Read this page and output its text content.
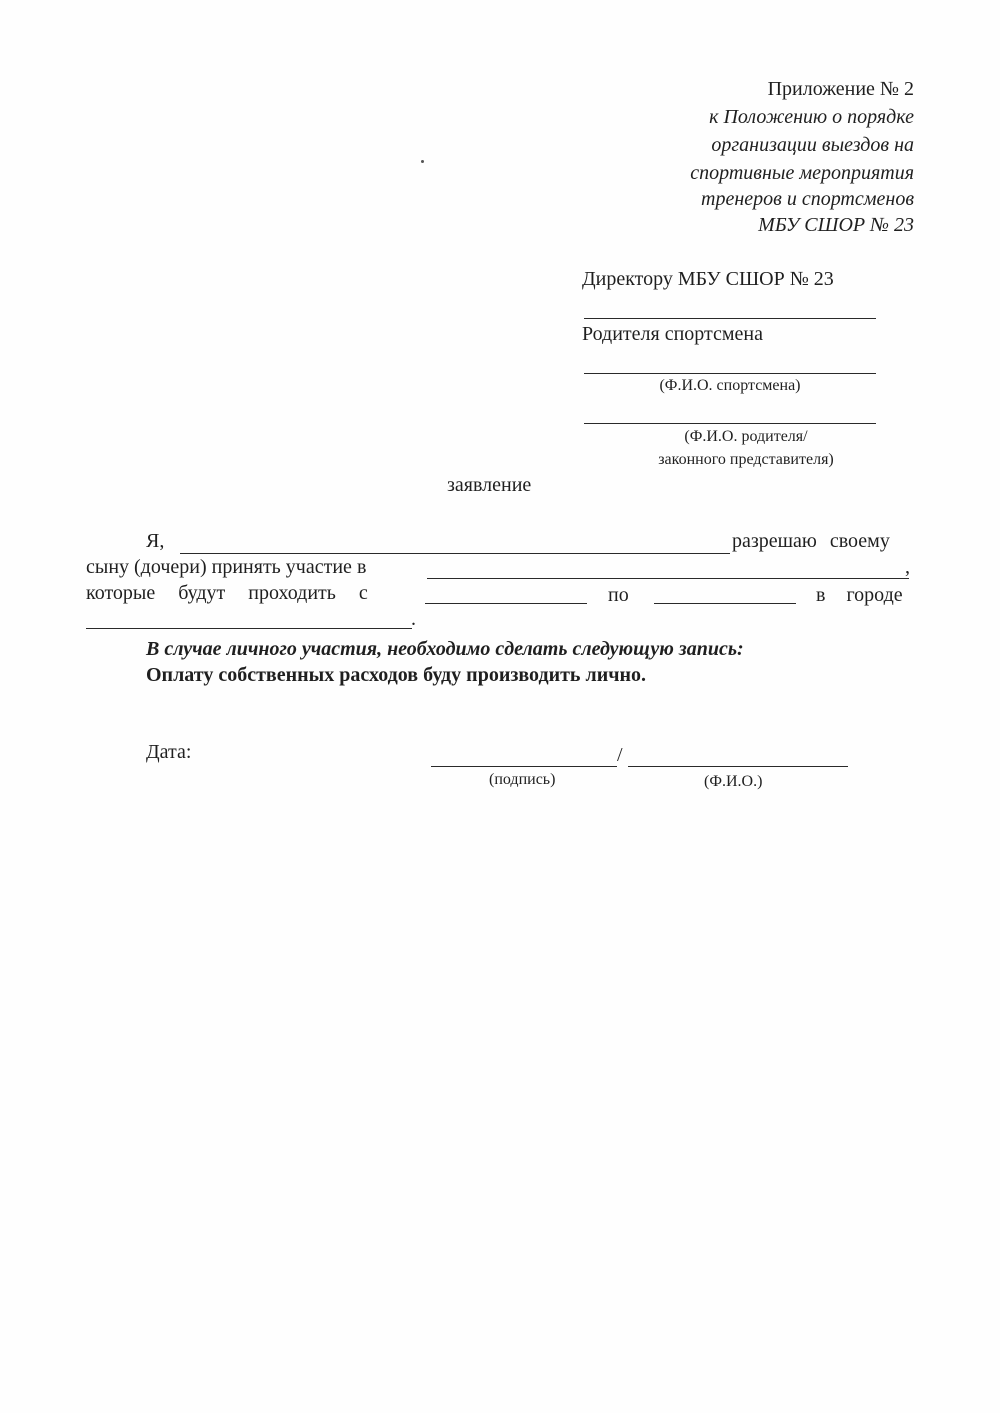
Приложение № 2
к Положению о порядке
организации выездов на
спортивные мероприятия
тренеров и спортсменов
МБУ СШОР № 23
Директору МБУ СШОР № 23
Родителя спортсмена
(Ф.И.О. спортсмена)
(Ф.И.О. родителя/
законного представителя)
заявление
Я,	разрешаю своему
сыну (дочери) принять участие в	,
которые будут проходить с	по	в городе
.
В случае личного участия, необходимо сделать следующую запись:
Оплату собственных расходов буду производить лично.
Дата:	/
(подпись)	(Ф.И.О.)
